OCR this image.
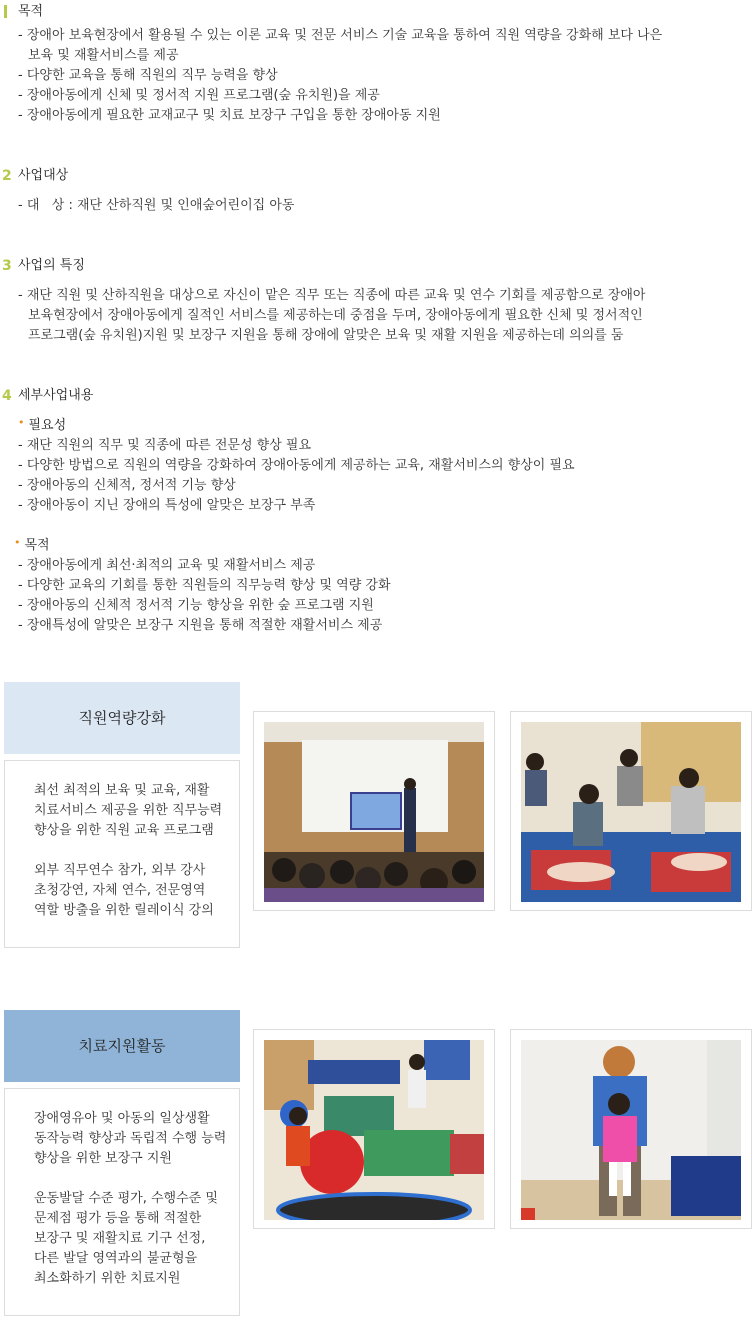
목적
- 장애아 보육현장에서 활용될 수 있는 이론 교육 및 전문 서비스 기술 교육을 통하여 직원 역량을 강화해 보다 나은
보육 및 재활서비스를 제공
- 다양한 교육을 통해 직원의 직무 능력을 향상
- 장애아동에게 신체 및 정서적 지원 프로그램(숲 유치원)을 제공
- 장애아동에게 필요한 교재교구 및 치료 보장구 구입을 통한 장애아동 지원
2 사업대상
- 대   상 : 재단 산하직원 및 인애숲어린이집 아동
3 사업의 특징
- 재단 직원 및 산하직원을 대상으로 자신이 맡은 직무 또는 직종에 따른 교육 및 연수 기회를 제공함으로 장애아
보육현장에서 장애아동에게 질적인 서비스를 제공하는데 중점을 두며, 장애아동에게 필요한 신체 및 정서적인
프로그램(숲 유치원)지원 및 보장구 지원을 통해 장애에 알맞은 보육 및 재활 지원을 제공하는데 의의를 둠
4 세부사업내용
• 필요성
- 재단 직원의 직무 및 직종에 따른 전문성 향상 필요
- 다양한 방법으로 직원의 역량을 강화하여 장애아동에게 제공하는 교육, 재활서비스의 향상이 필요
- 장애아동의 신체적, 정서적 기능 향상
- 장애아동이 지닌 장애의 특성에 알맞은 보장구 부족
• 목적
- 장애아동에게 최선·최적의 교육 및 재활서비스 제공
- 다양한 교육의 기회를 통한 직원들의 직무능력 향상 및 역량 강화
- 장애아동의 신체적 정서적 기능 향상을 위한 숲 프로그램 지원
- 장애특성에 알맞은 보장구 지원을 통해 적절한 재활서비스 제공
직원역량강화
최선 최적의 보육 및 교육, 재활
치료서비스 제공을 위한 직무능력
향상을 위한 직원 교육 프로그램
외부 직무연수 참가, 외부 강사
초청강연, 자체 연수, 전문영역
역할 방출을 위한 릴레이식 강의
치료지원활동
장애영유아 및 아동의 일상생활
동작능력 향상과 독립적 수행 능력
향상을 위한 보장구 지원
운동발달 수준 평가, 수행수준 및
문제점 평가 등을 통해 적절한
보장구 및 재활치료 기구 선정,
다른 발달 영역과의 불균형을
최소화하기 위한 치료지원
